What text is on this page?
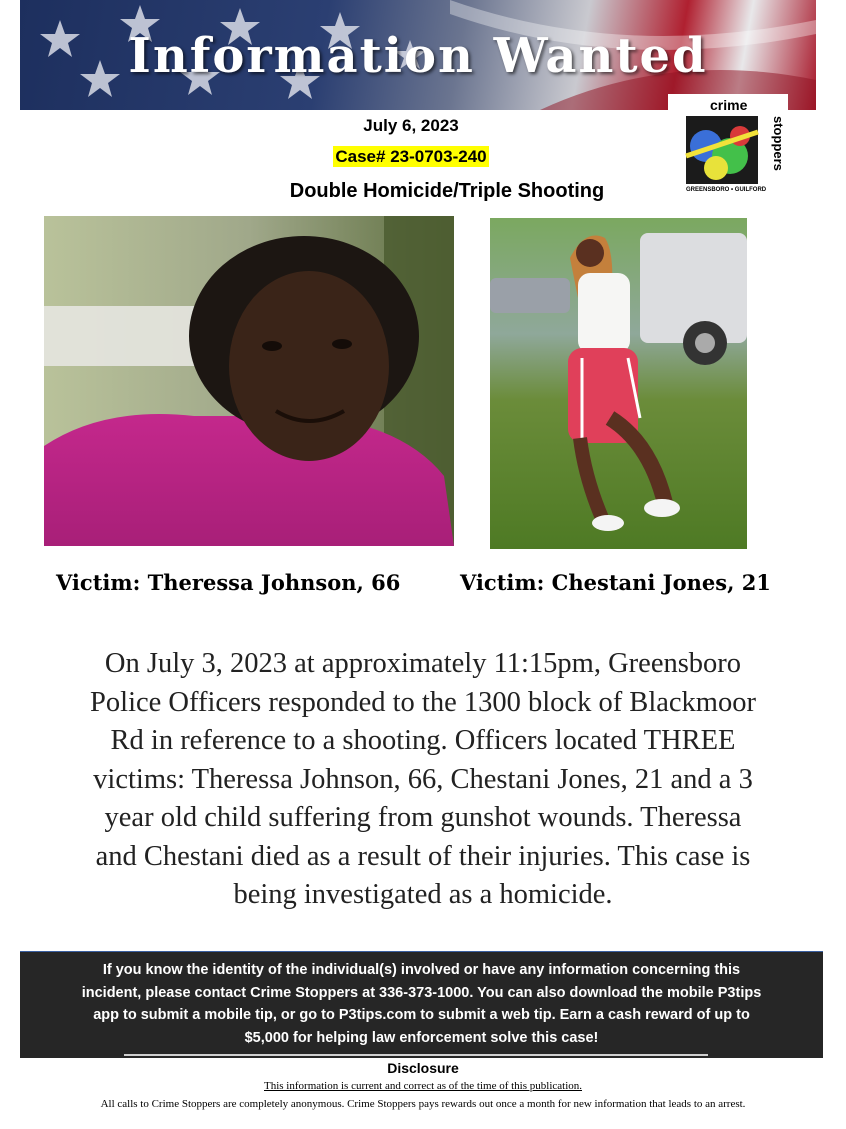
Information Wanted
crime
stoppers
GREENSBORO • GUILFORD
July 6, 2023
Case# 23-0703-240
Double Homicide/Triple Shooting
Victim: Theressa Johnson, 66	Victim: Chestani Jones, 21
On July 3, 2023 at approximately 11:15pm, Greensboro
Police Officers responded to the 1300 block of Blackmoor
Rd in reference to a shooting. Officers located THREE
victims: Theressa Johnson, 66, Chestani Jones, 21 and a 3
year old child suffering from gunshot wounds. Theressa
and Chestani died as a result of their injuries. This case is
being investigated as a homicide.

If you know the identity of the individual(s) involved or have any information concerning this
incident, please contact Crime Stoppers at 336-373-1000. You can also download the mobile P3tips
app to submit a mobile tip, or go to P3tips.com to submit a web tip. Earn a cash reward of up to
$5,000 for helping law enforcement solve this case!

Disclosure
This information is current and correct as of the time of this publication.
All calls to Crime Stoppers are completely anonymous. Crime Stoppers pays rewards out once a month for new information that leads to an arrest.
